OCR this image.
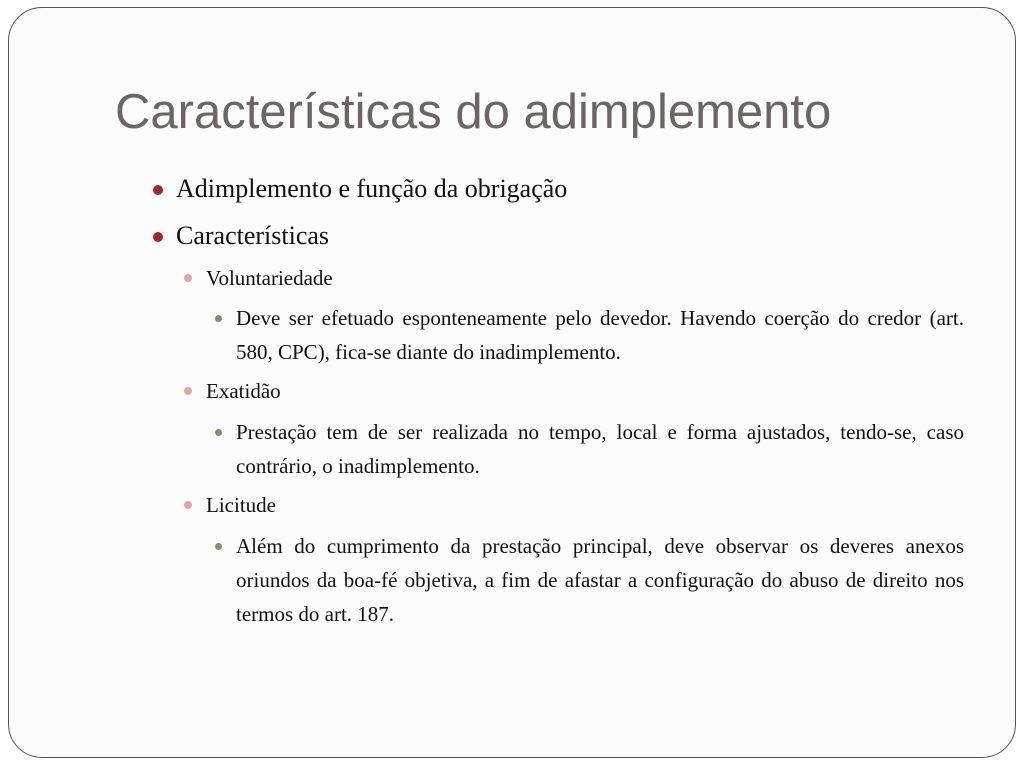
Características do adimplemento
Adimplemento e função da obrigação
Características
Voluntariedade
Deve ser efetuado esponteneamente pelo devedor. Havendo coerção do credor (art. 580, CPC), fica-se diante do inadimplemento.
Exatidão
Prestação tem de ser realizada no tempo, local e forma ajustados, tendo-se, caso contrário, o inadimplemento.
Licitude
Além do cumprimento da prestação principal, deve observar os deveres anexos oriundos da boa-fé objetiva, a fim de afastar a configuração do abuso de direito nos termos do art. 187.
